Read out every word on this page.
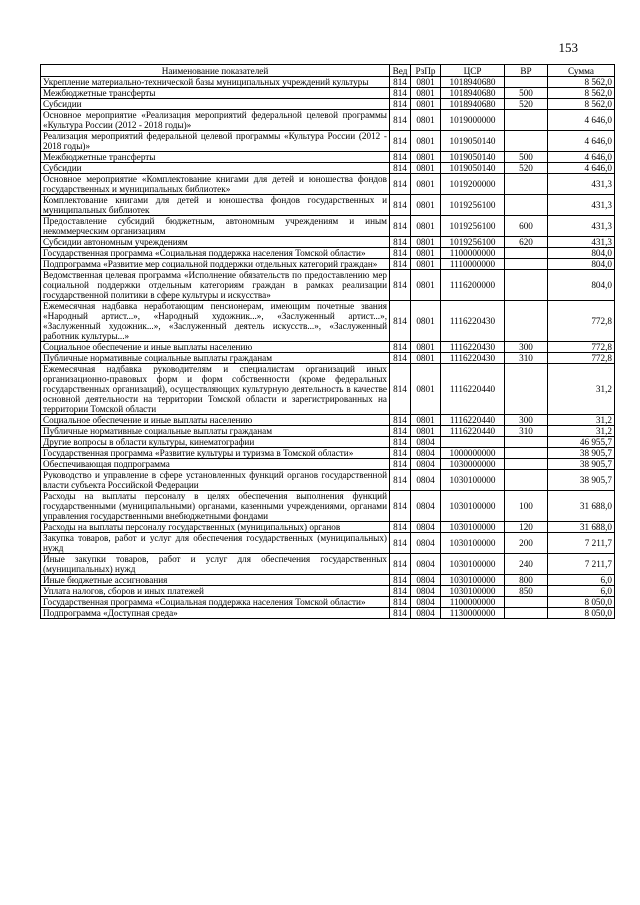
153
Наименование показателей	Вед	РзПр	ЦСР	ВР	Сумма
Укрепление материально-технической базы муниципальных учреждений культуры	814	0801	1018940680		8 562,0
Межбюджетные трансферты	814	0801	1018940680	500	8 562,0
Субсидии	814	0801	1018940680	520	8 562,0
Основное мероприятие «Реализация мероприятий федеральной целевой программы «Культура России (2012 - 2018 годы)»	814	0801	1019000000		4 646,0
Реализация мероприятий федеральной целевой программы «Культура России (2012 - 2018 годы)»	814	0801	1019050140		4 646,0
Межбюджетные трансферты	814	0801	1019050140	500	4 646,0
Субсидии	814	0801	1019050140	520	4 646,0
Основное мероприятие «Комплектование книгами для детей и юношества фондов государственных и муниципальных библиотек»	814	0801	1019200000		431,3
Комплектование книгами для детей и юношества фондов государственных и муниципальных библиотек	814	0801	1019256100		431,3
Предоставление субсидий бюджетным, автономным учреждениям и иным некоммерческим организациям	814	0801	1019256100	600	431,3
Субсидии автономным учреждениям	814	0801	1019256100	620	431,3
Государственная программа «Социальная поддержка населения Томской области»	814	0801	1100000000		804,0
Подпрограмма «Развитие мер социальной поддержки отдельных категорий граждан»	814	0801	1110000000		804,0
Ведомственная целевая программа «Исполнение обязательств по предоставлению мер социальной поддержки отдельным категориям граждан в рамках реализации государственной политики в сфере культуры и искусства»	814	0801	1116200000		804,0
Ежемесячная надбавка неработающим пенсионерам, имеющим почетные звания «Народный артист...», «Народный художник...», «Заслуженный артист...», «Заслуженный художник...», «Заслуженный деятель искусств...», «Заслуженный работник культуры...»	814	0801	1116220430		772,8
Социальное обеспечение и иные выплаты населению	814	0801	1116220430	300	772,8
Публичные нормативные социальные выплаты гражданам	814	0801	1116220430	310	772,8
Ежемесячная надбавка руководителям и специалистам организаций иных организационно-правовых форм и форм собственности (кроме федеральных государственных организаций), осуществляющих культурную деятельность в качестве основной деятельности на территории Томской области и зарегистрированных на территории Томской области	814	0801	1116220440		31,2
Социальное обеспечение и иные выплаты населению	814	0801	1116220440	300	31,2
Публичные нормативные социальные выплаты гражданам	814	0801	1116220440	310	31,2
Другие вопросы в области культуры, кинематографии	814	0804			46 955,7
Государственная программа «Развитие культуры и туризма в Томской области»	814	0804	1000000000		38 905,7
Обеспечивающая подпрограмма	814	0804	1030000000		38 905,7
Руководство и управление в сфере установленных функций органов государственной власти субъекта Российской Федерации	814	0804	1030100000		38 905,7
Расходы на выплаты персоналу в целях обеспечения выполнения функций государственными (муниципальными) органами, казенными учреждениями, органами управления государственными внебюджетными фондами	814	0804	1030100000	100	31 688,0
Расходы на выплаты персоналу государственных (муниципальных) органов	814	0804	1030100000	120	31 688,0
Закупка товаров, работ и услуг для обеспечения государственных (муниципальных) нужд	814	0804	1030100000	200	7 211,7
Иные закупки товаров, работ и услуг для обеспечения государственных (муниципальных) нужд	814	0804	1030100000	240	7 211,7
Иные бюджетные ассигнования	814	0804	1030100000	800	6,0
Уплата налогов, сборов и иных платежей	814	0804	1030100000	850	6,0
Государственная программа «Социальная поддержка населения Томской области»	814	0804	1100000000		8 050,0
Подпрограмма «Доступная среда»	814	0804	1130000000		8 050,0
